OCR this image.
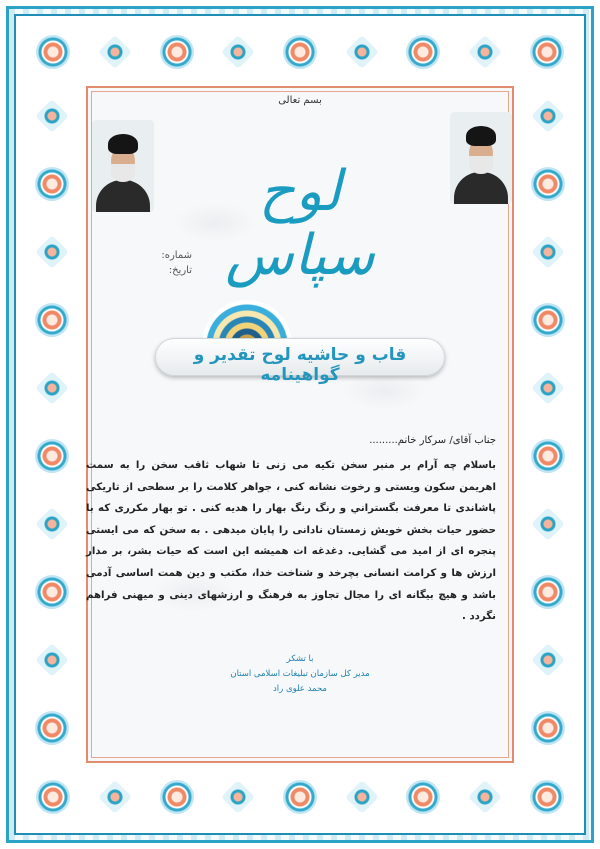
بسم تعالی
لوح سپاس
شماره:
تاریخ:
قاب و حاشیه لوح تقدیر و گواهینامه
جناب آقای/ سرکار خانم.........

باسلام چه آرام بر منبر سخن تکیه می زنی تا شهاب ثاقب سخن را به سمت اهریمن سکون ویستی و رخوت نشانه کنی ، جواهر کلامت را بر سطحی از تاریکی پاشاندی تا معرفت بگستراني و رنگ رنگ بهار را هدیه کنی . تو بهار مکرری که با حضور حیات بخش خویش زمستان نادانی را پایان میدهی . به سخن که می ایستی پنجره ای از امید می گشایی. دغدغه ات همیشه این است که حیات بشر، بر مدار ارزش ها و کرامت انسانی بچرخد و شناخت خدا، مکتب و دین همت اساسی آدمی باشد و هیچ بیگانه ای را مجال تجاوز به فرهنگ و ارزشهای دینی و میهنی فراهم نگردد .

با تشکر
مدیر کل سازمان تبلیغات اسلامی استان
محمد علوی راد
